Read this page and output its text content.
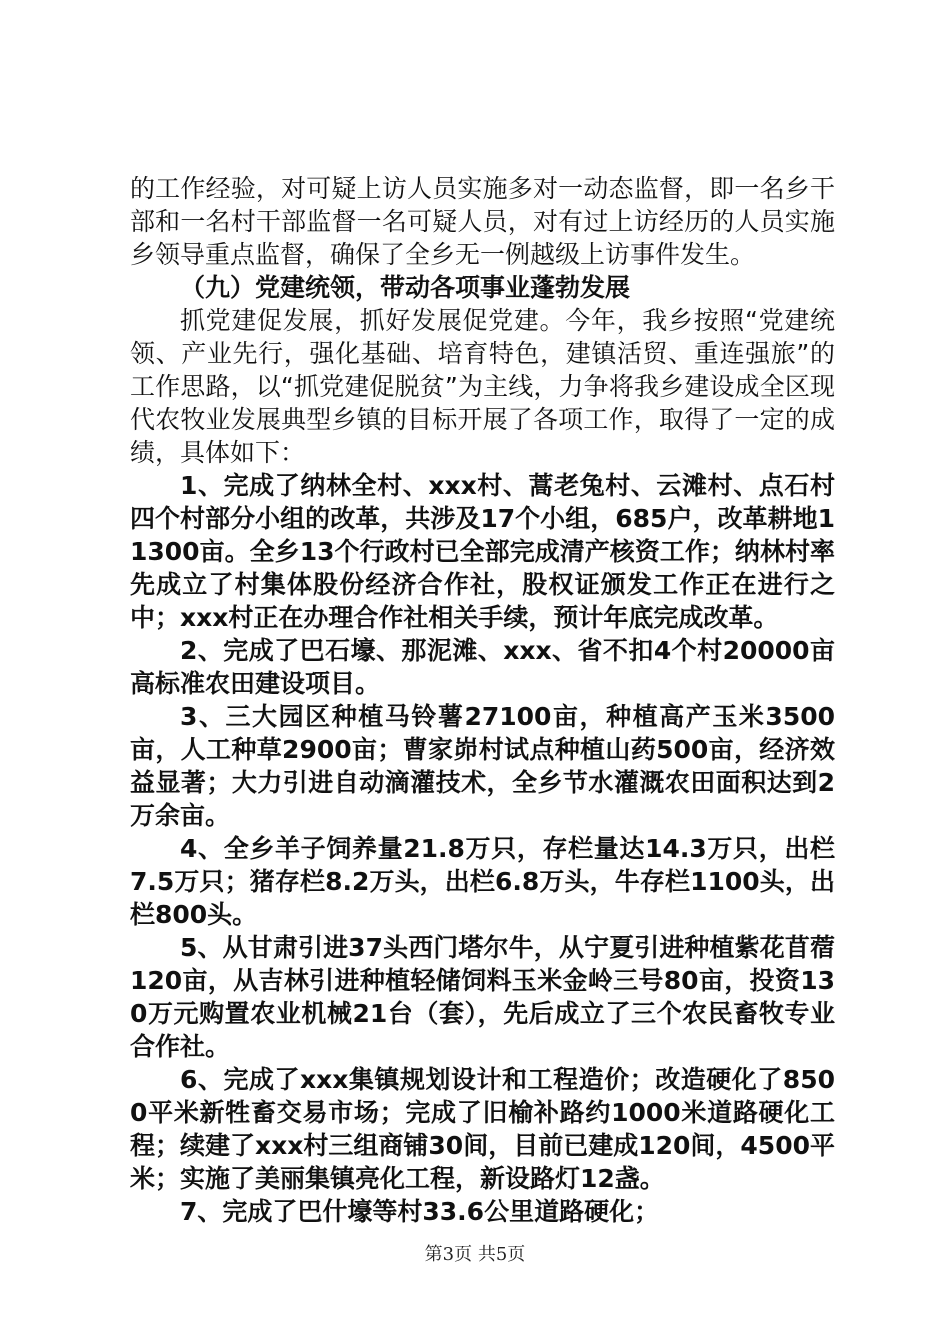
的工作经验，对可疑上访人员实施多对一动态监督，即一名乡干部和一名村干部监督一名可疑人员，对有过上访经历的人员实施乡领导重点监督，确保了全乡无一例越级上访事件发生。

（九）党建统领，带动各项事业蓬勃发展

抓党建促发展，抓好发展促党建。今年，我乡按照“党建统领、产业先行，强化基础、培育特色，建镇活贸、重连强旅”的工作思路，以“抓党建促脱贫”为主线，力争将我乡建设成全区现代农牧业发展典型乡镇的目标开展了各项工作，取得了一定的成绩，具体如下：

1、完成了纳林全村、xxx村、蒿老兔村、云滩村、点石村四个村部分小组的改革，共涉及17个小组，685户，改革耕地11300亩。全乡13个行政村已全部完成清产核资工作；纳林村率先成立了村集体股份经济合作社，股权证颁发工作正在进行之中；xxx村正在办理合作社相关手续，预计年底完成改革。

2、完成了巴石壕、那泥滩、xxx、省不扣4个村20000亩高标准农田建设项目。

3、三大园区种植马铃薯27100亩，种植高产玉米3500亩，人工种草2900亩；曹家峁村试点种植山药500亩，经济效益显著；大力引进自动滴灌技术，全乡节水灌溉农田面积达到2万余亩。

4、全乡羊子饲养量21.8万只，存栏量达14.3万只，出栏7.5万只；猪存栏8.2万头，出栏6.8万头，牛存栏1100头，出栏800头。

5、从甘肃引进37头西门塔尔牛，从宁夏引进种植紫花苜蓿120亩，从吉林引进种植轻储饲料玉米金岭三号80亩，投资130万元购置农业机械21台（套），先后成立了三个农民畜牧专业合作社。

6、完成了xxx集镇规划设计和工程造价；改造硬化了8500平米新牲畜交易市场；完成了旧榆补路约1000米道路硬化工程；续建了xxx村三组商铺30间，目前已建成120间，4500平米；实施了美丽集镇亮化工程，新设路灯12盏。

7、完成了巴什壕等村33.6公里道路硬化；

第3页 共5页
